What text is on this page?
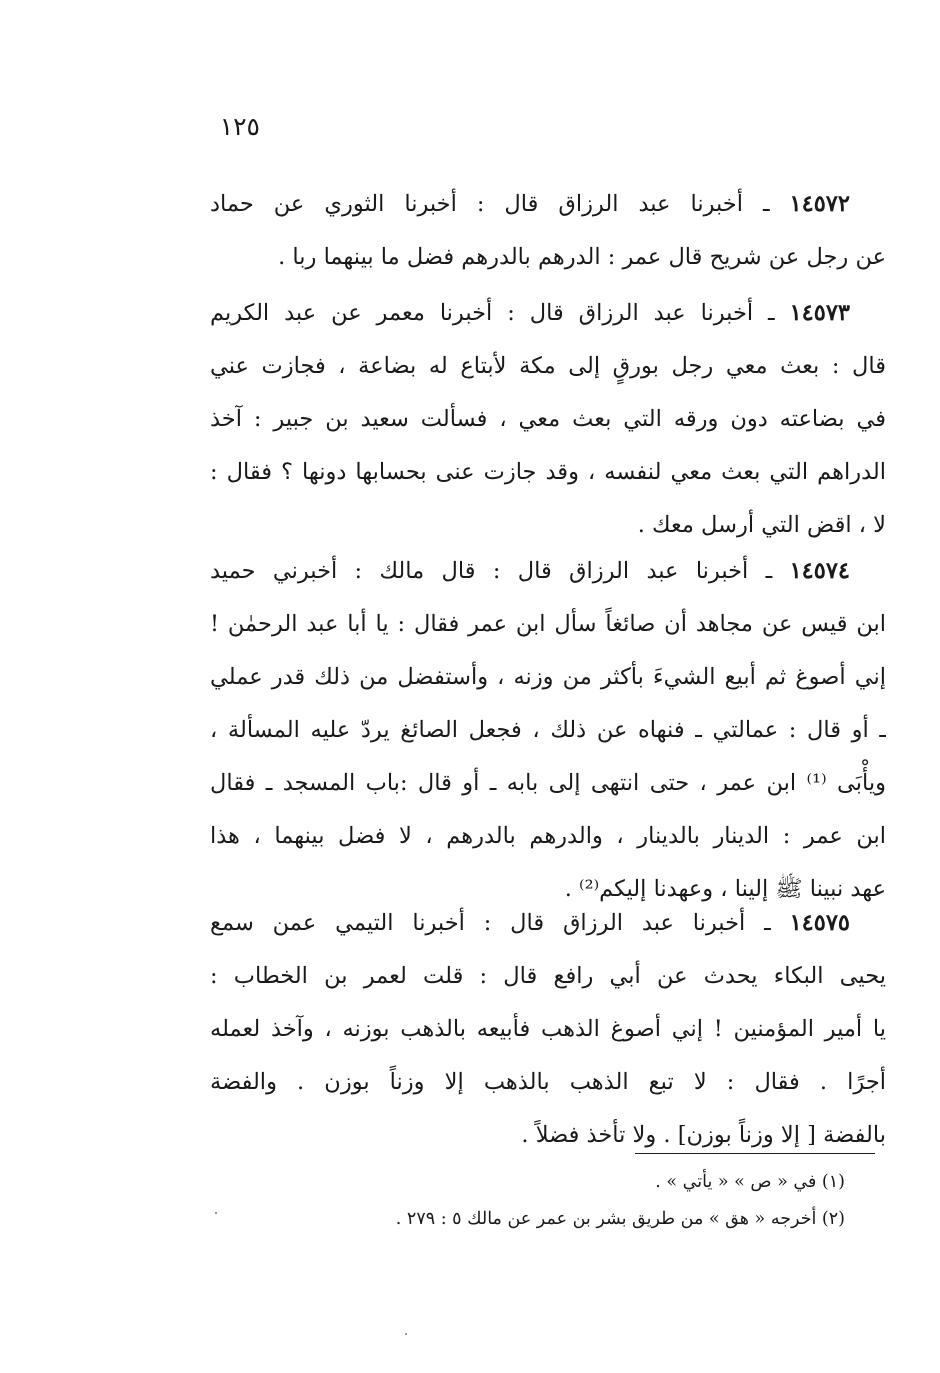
١٢٥
١٤٥٧٢ ـ أخبرنا عبد الرزاق قال : أخبرنا الثوري عن حماد
عن رجل عن شريح قال عمر : الدرهم بالدرهم فضل ما بينهما ربا .
١٤٥٧٣ ـ أخبرنا عبد الرزاق قال : أخبرنا معمر عن عبد الكريم
قال : بعث معي رجل بورقٍ إلى مكة لأبتاع له بضاعة ، فجازت عني
في بضاعته دون ورقه التي بعث معي ، فسألت سعيد بن جبير : آخذ
الدراهم التي بعث معي لنفسه ، وقد جازت عنى بحسابها دونها ؟ فقال :
لا ، اقض التي أرسل معك .
١٤٥٧٤ ـ أخبرنا عبد الرزاق قال : قال مالك : أخبرني حميد
ابن قيس عن مجاهد أن صائغاً سأل ابن عمر فقال : يا أبا عبد الرحمٰن !
إني أصوغ ثم أبيع الشيءَ بأكثر من وزنه ، وأستفضل من ذلك قدر عملي
ـ أو قال : عمالتي ـ فنهاه عن ذلك ، فجعل الصائغ يردّ عليه المسألة ،
ويأْبَى ⁽¹⁾ ابن عمر ، حتى انتهى إلى بابه ـ أو قال :باب المسجد ـ فقال
ابن عمر : الدينار بالدينار ، والدرهم بالدرهم ، لا فضل بينهما ، هذا
عهد نبينا ﷺ إلينا ، وعهدنا إليكم⁽²⁾ .
١٤٥٧٥ ـ أخبرنا عبد الرزاق قال : أخبرنا التيمي عمن سمع
يحيى البكاء يحدث عن أبي رافع قال : قلت لعمر بن الخطاب :
يا أمير المؤمنين ! إني أصوغ الذهب فأبيعه بالذهب بوزنه ، وآخذ لعمله
أجرًا . فقال : لا تبع الذهب بالذهب إلا وزناً بوزن . والفضة
بالفضة [ إلا وزناً بوزن] . ولا تأخذ فضلاً .
(١) في « ص » « يأتي » .
(٢) أخرجه « هق » من طريق بشر بن عمر عن مالك ٥ : ٢٧٩ .
